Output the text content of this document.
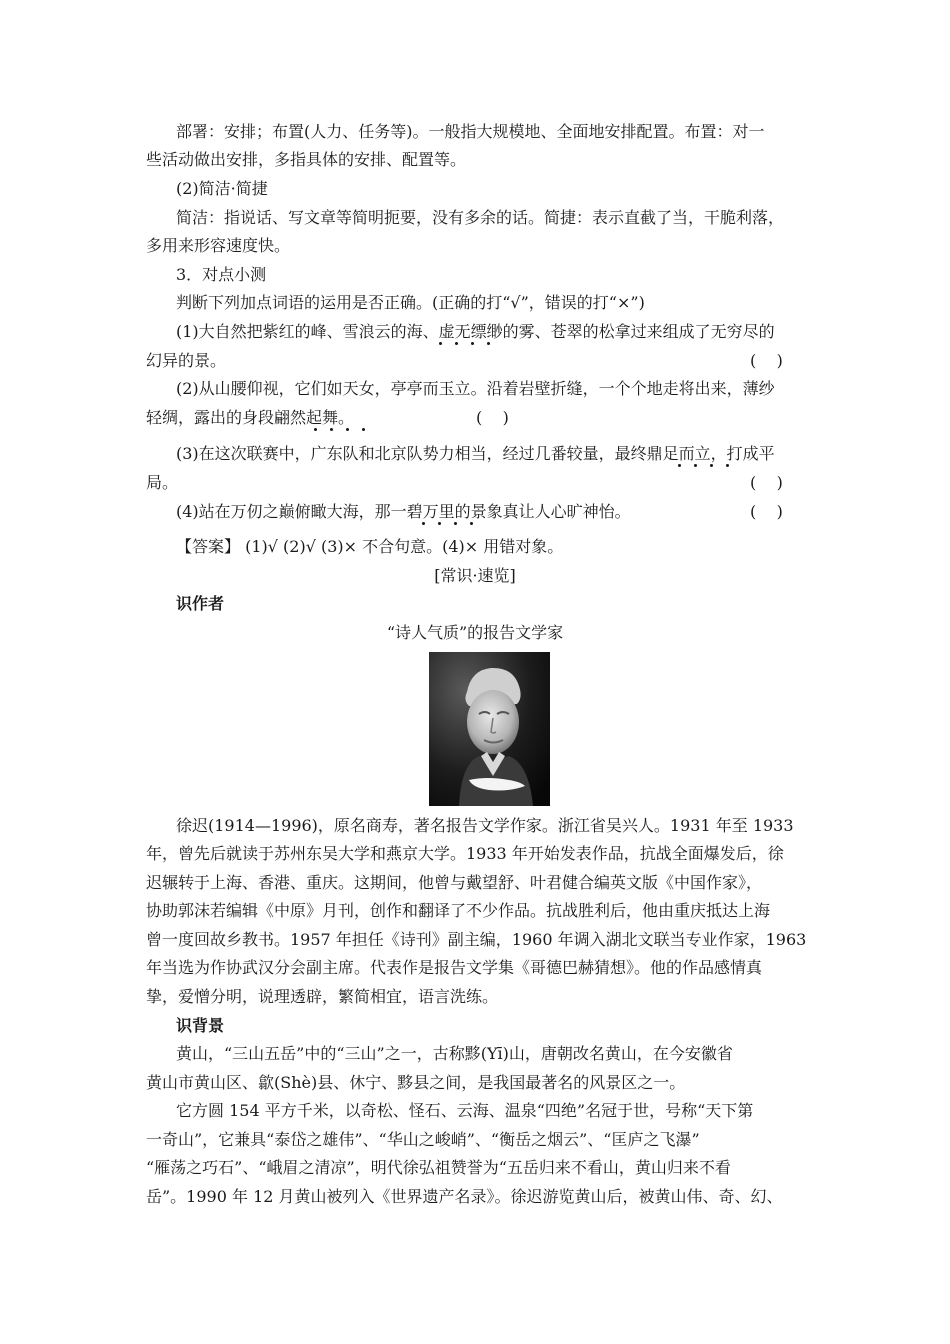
部署：安排；布置(人力、任务等)。一般指大规模地、全面地安排配置。布置：对一

些活动做出安排，多指具体的安排、配置等。

(2)简洁·简捷

简洁：指说话、写文章等简明扼要，没有多余的话。简捷：表示直截了当，干脆利落，

多用来形容速度快。

3．对点小测

判断下列加点词语的运用是否正确。(正确的打“√”，错误的打“×”)

(1)大自然把紫红的峰、雪浪云的海、虚无缥缈的雾、苍翠的松拿过来组成了无穷尽的

幻异的景。	(    )

(2)从山腰仰视，它们如天女，亭亭而玉立。沿着岩壁折缝，一个个地走将出来，薄纱

轻绸，露出的身段翩然起舞。	(    )

(3)在这次联赛中，广东队和北京队势力相当，经过几番较量，最终鼎足而立，打成平

局。	(    )

(4)站在万仞之巅俯瞰大海，那一碧万里的景象真让人心旷神怡。	(    )

【答案】 (1)√ (2)√ (3)× 不合句意。(4)× 用错对象。

[常识·速览]

识作者

“诗人气质”的报告文学家

徐迟(1914—1996)，原名商寿，著名报告文学作家。浙江省吴兴人。1931 年至 1933

年，曾先后就读于苏州东吴大学和燕京大学。1933 年开始发表作品，抗战全面爆发后，徐

迟辗转于上海、香港、重庆。这期间，他曾与戴望舒、叶君健合编英文版《中国作家》，

协助郭沫若编辑《中原》月刊，创作和翻译了不少作品。抗战胜利后，他由重庆抵达上海

曾一度回故乡教书。1957 年担任《诗刊》副主编，1960 年调入湖北文联当专业作家，1963

年当选为作协武汉分会副主席。代表作是报告文学集《哥德巴赫猜想》。他的作品感情真

挚，爱憎分明，说理透辟，繁简相宜，语言洗练。

识背景

黄山，“三山五岳”中的“三山”之一，古称黟(Yī)山，唐朝改名黄山，在今安徽省

黄山市黄山区、歙(Shè)县、休宁、黟县之间，是我国最著名的风景区之一。

它方圆 154 平方千米，以奇松、怪石、云海、温泉“四绝”名冠于世，号称“天下第

一奇山”，它兼具“泰岱之雄伟”、“华山之峻峭”、“衡岳之烟云”、“匡庐之飞瀑”

“雁荡之巧石”、“峨眉之清凉”，明代徐弘祖赞誉为“五岳归来不看山，黄山归来不看

岳”。1990 年 12 月黄山被列入《世界遗产名录》。徐迟游览黄山后，被黄山伟、奇、幻、
